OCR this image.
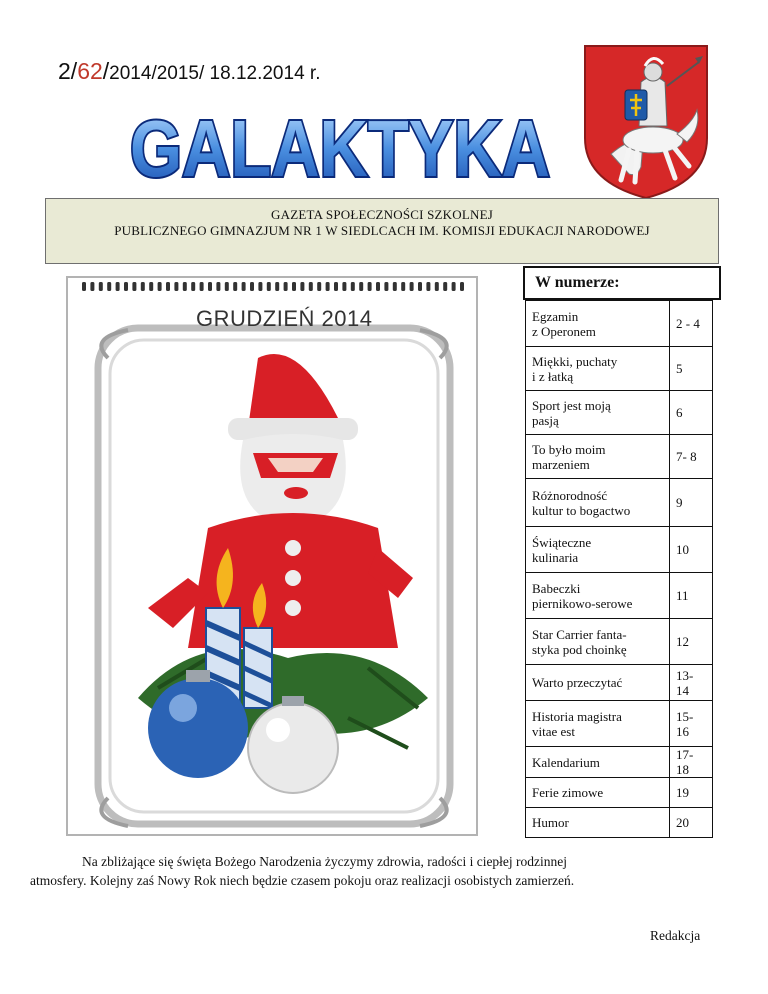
2/62/2014/2015/ 18.12.2014 r.
GALAKTYKA
GAZETA SPOŁECZNOŚCI SZKOLNEJ
PUBLICZNEGO GIMNAZJUM NR 1 W SIEDLCACH IM. KOMISJI EDUKACJI NARODOWEJ
GRUDZIEŃ 2014
W numerze:
Egzamin
z Operonem	2 - 4

Miękki, puchaty
i z łatką	5

Sport jest moją
pasją	6

To było moim
marzeniem	7- 8

Różnorodność
kultur to bogactwo	9

Świąteczne
kulinaria	10

Babeczki
piernikowo-serowe	11

Star Carrier fanta-
styka pod choinkę	12

Warto przeczytać	13-14

Historia magistra
vitae est	15-16

Kalendarium	17-18

Ferie zimowe	19

Humor	20
Na zbliżające się święta Bożego Narodzenia życzymy zdrowia, radości i ciepłej rodzinnej
atmosfery. Kolejny zaś Nowy Rok niech będzie czasem pokoju oraz realizacji osobistych zamierzeń.
Redakcja
